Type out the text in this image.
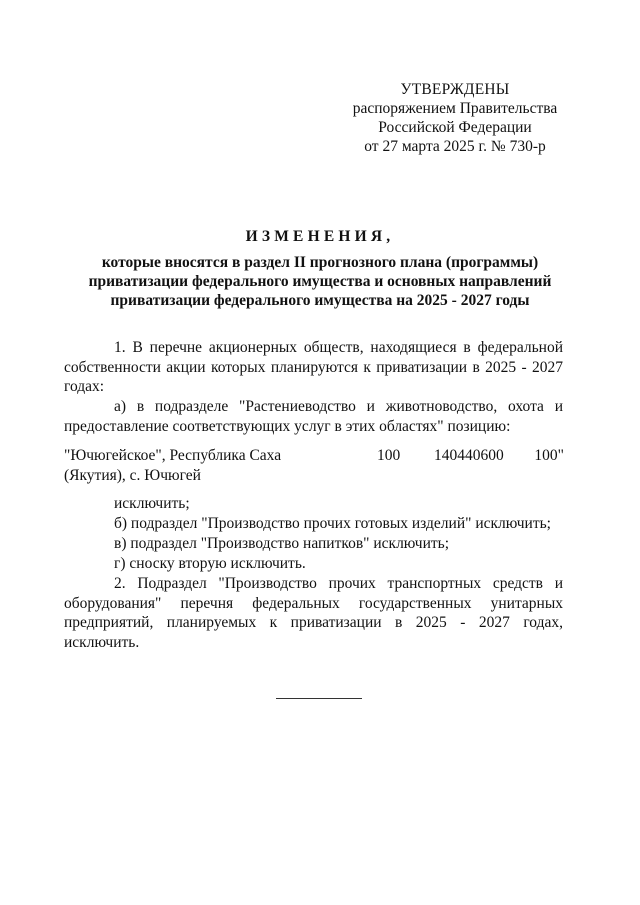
УТВЕРЖДЕНЫ
распоряжением Правительства
Российской Федерации
от 27 марта 2025 г. № 730-р
ИЗМЕНЕНИЯ,
которые вносятся в раздел II прогнозного плана (программы)
приватизации федерального имущества и основных направлений
приватизации федерального имущества на 2025 - 2027 годы
1. В перечне акционерных обществ, находящиеся в федеральной собственности акции которых планируются к приватизации в 2025 - 2027 годах:
а) в подразделе "Растениеводство и животноводство, охота и предоставление соответствующих услуг в этих областях" позицию:
"Ючюгейское", Республика Саха (Якутия), с. Ючюгей
100 140440600 100"
исключить;
б) подраздел "Производство прочих готовых изделий" исключить;
в) подраздел "Производство напитков" исключить;
г) сноску вторую исключить.
2. Подраздел "Производство прочих транспортных средств и оборудования" перечня федеральных государственных унитарных предприятий, планируемых к приватизации в 2025 - 2027 годах, исключить.
